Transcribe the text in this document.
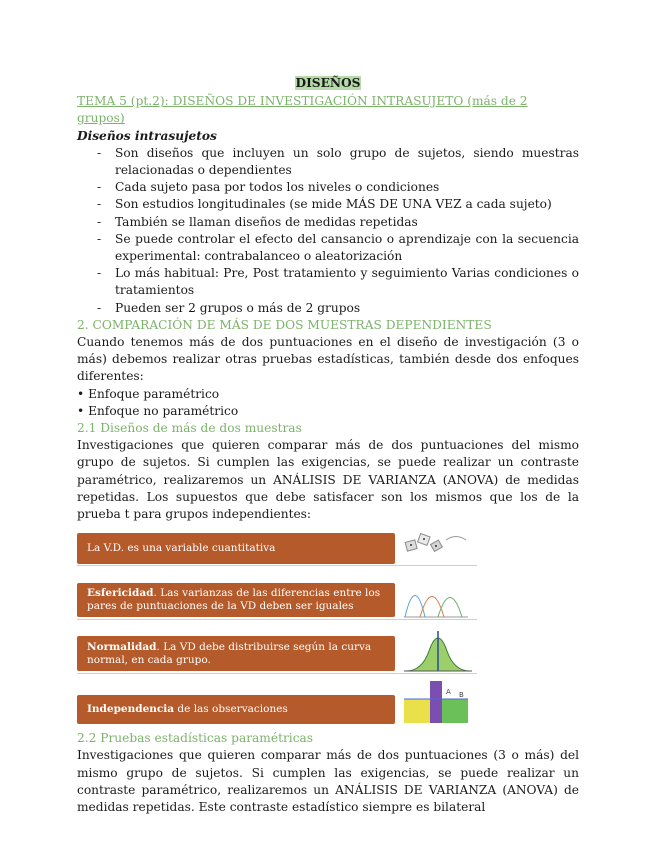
DISEÑOS
TEMA 5 (pt.2): DISEÑOS DE INVESTIGACIÓN INTRASUJETO (más de 2 grupos)
Diseños intrasujetos
- Son diseños que incluyen un solo grupo de sujetos, siendo muestras relacionadas o dependientes
- Cada sujeto pasa por todos los niveles o condiciones
- Son estudios longitudinales (se mide MÁS DE UNA VEZ a cada sujeto)
- También se llaman diseños de medidas repetidas
- Se puede controlar el efecto del cansancio o aprendizaje con la secuencia experimental: contrabalanceo o aleatorización
- Lo más habitual: Pre, Post tratamiento y seguimiento Varias condiciones o tratamientos
- Pueden ser 2 grupos o más de 2 grupos
2. COMPARACIÓN DE MÁS DE DOS MUESTRAS DEPENDIENTES

Cuando tenemos más de dos puntuaciones en el diseño de investigación (3 o más) debemos realizar otras pruebas estadísticas, también desde dos enfoques diferentes:

• Enfoque paramétrico

• Enfoque no paramétrico

2.1 Diseños de más de dos muestras

Investigaciones que quieren comparar más de dos puntuaciones del mismo grupo de sujetos. Si cumplen las exigencias, se puede realizar un contraste paramétrico, realizaremos un ANÁLISIS DE VARIANZA (ANOVA) de medidas repetidas. Los supuestos que debe satisfacer son los mismos que los de la prueba t para grupos independientes:

La V.D. es una variable cuantitativa
Esfericidad. Las varianzas de las diferencias entre los pares de puntuaciones de la VD deben ser iguales
Normalidad. La VD debe distribuirse según la curva normal, en cada grupo.
Independencia de las observaciones
A B
2.2 Pruebas estadísticas paramétricas

Investigaciones que quieren comparar más de dos puntuaciones (3 o más) del mismo grupo de sujetos. Si cumplen las exigencias, se puede realizar un contraste paramétrico, realizaremos un ANÁLISIS DE VARIANZA (ANOVA) de medidas repetidas. Este contraste estadístico siempre es bilateral
